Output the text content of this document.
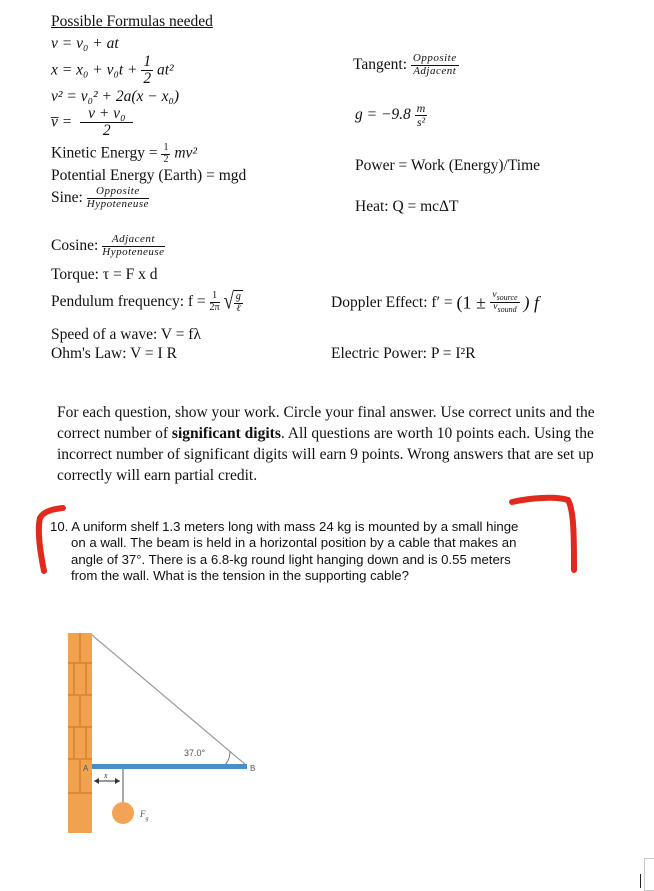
Possible Formulas needed
v = v₀ + at
$x = x_0 + v_0t + \frac{1}{2} at^2$
v² = v₀² + 2a(x − x₀)
v̅ = $\frac{\text{v + v₀}}{2}$
Kinetic Energy = $\frac{1}{2} mv^2$
Potential Energy (Earth) = mgd
Sine: $\frac{\text{Opposite}}{\text{Hypoteneuse}}$
Cosine: $\frac{\text{Adjacent}}{\text{Hypoteneuse}}$
Torque: τ = F x d
Pendulum frequency: $f = \frac{1}{2\pi}$ √ $\frac{g}{\text{ℓ}}$
Speed of a wave: V = fλ
Ohm's Law: V = I R
Tangent: $\frac{\text{Opposite}}{\text{Adjacent}}$
$g = -9.8 \frac{m}{\text{s²}}$
Power = Work (Energy)/Time
Heat: Q = mcΔT
Doppler Effect: $f' = (1 \pm \frac{v_{source}}{v_{sound}}$ ) f
Electric Power: P = I²R
For each question, show your work. Circle your final answer. Use correct units and the correct number of significant digits. All questions are worth 10 points each. Using the incorrect number of significant digits will earn 9 points. Wrong answers that are set up correctly will earn partial credit.
10. A uniform shelf 1.3 meters long with mass 24 kg is mounted by a small hinge
on a wall. The beam is held in a horizontal position by a cable that makes an
angle of 37°. There is a 6.8-kg round light hanging down and is 0.55 meters
from the wall. What is the tension in the supporting cable?
37.0°
B
A
x
$F_g$
